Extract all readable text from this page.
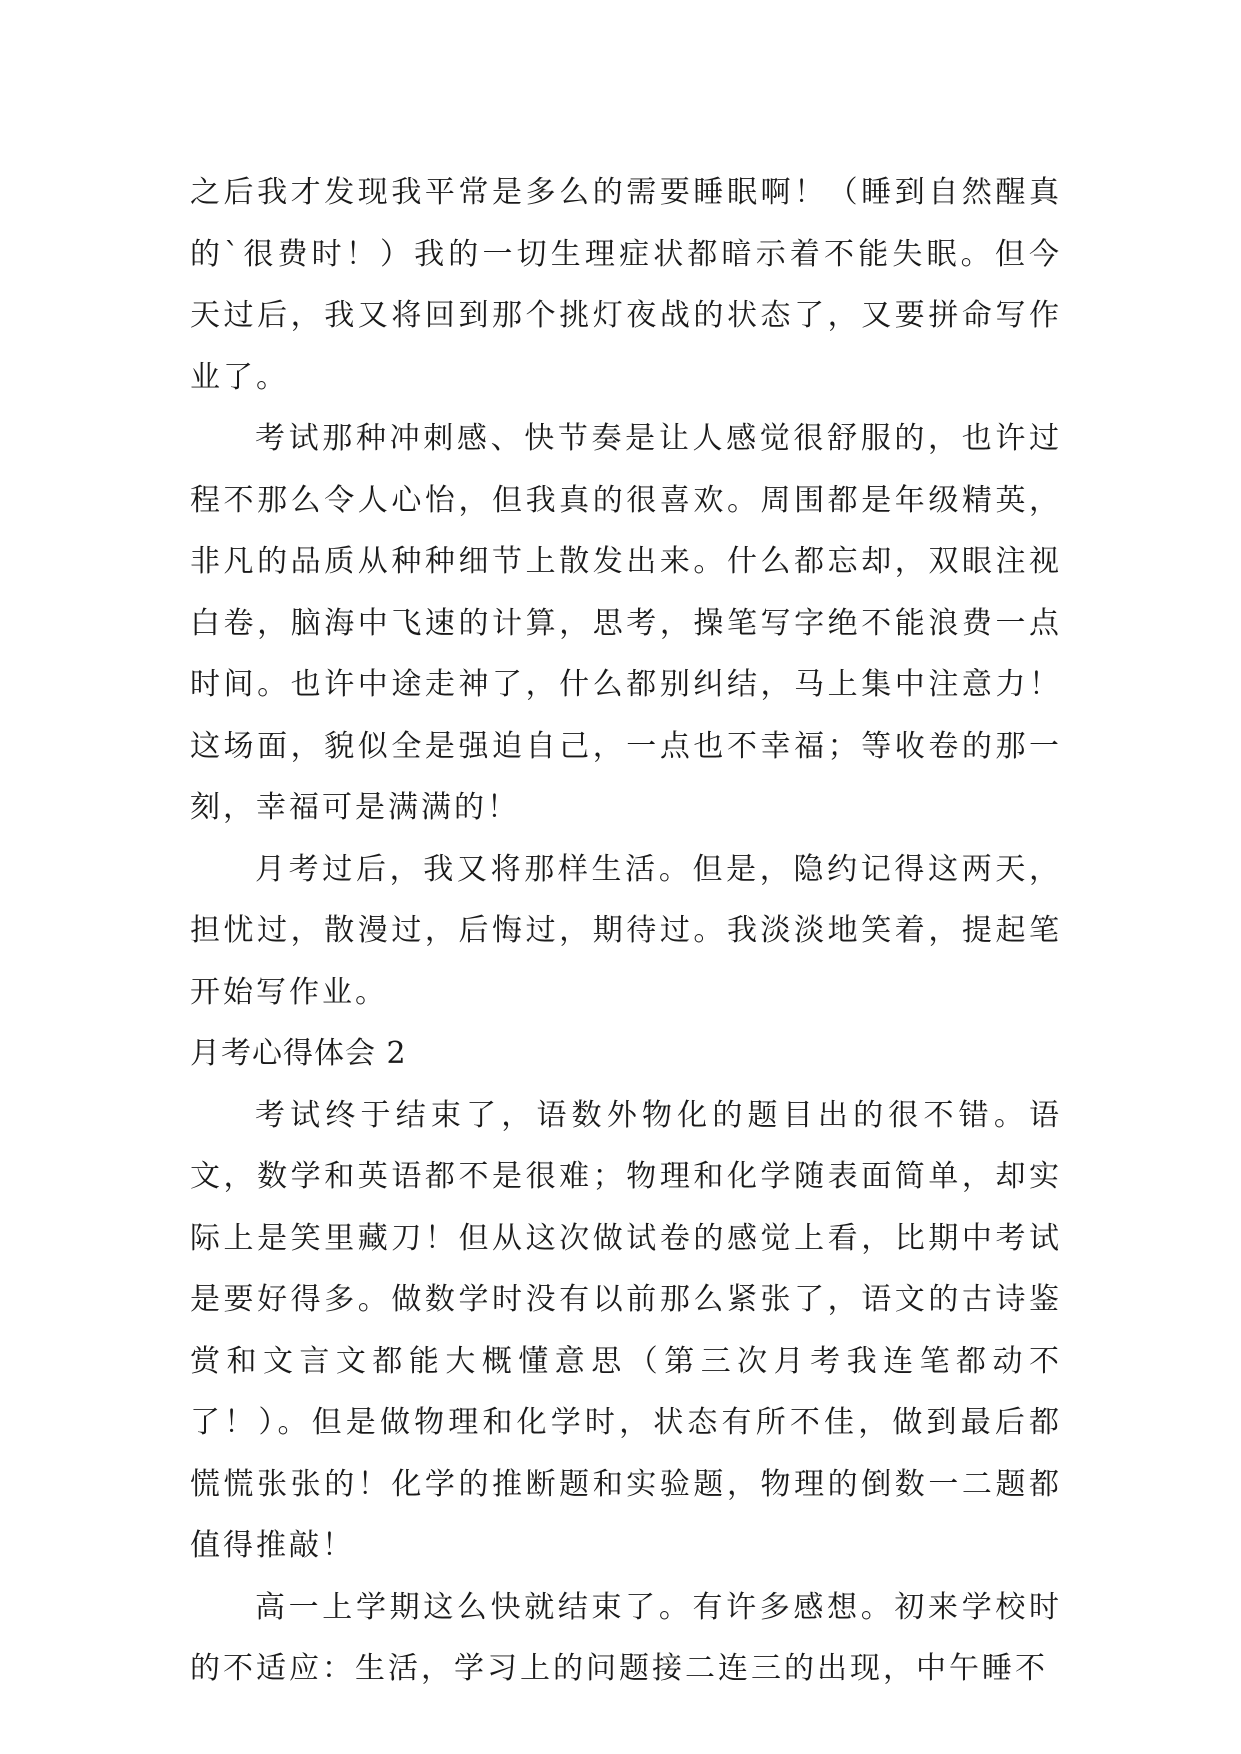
之后我才发现我平常是多么的需要睡眠啊！（睡到自然醒真的`很费时！）我的一切生理症状都暗示着不能失眠。但今天过后，我又将回到那个挑灯夜战的状态了，又要拼命写作业了。

考试那种冲刺感、快节奏是让人感觉很舒服的，也许过程不那么令人心怡，但我真的很喜欢。周围都是年级精英，非凡的品质从种种细节上散发出来。什么都忘却，双眼注视白卷，脑海中飞速的计算，思考，操笔写字绝不能浪费一点时间。也许中途走神了，什么都别纠结，马上集中注意力！这场面，貌似全是强迫自己，一点也不幸福；等收卷的那一刻，幸福可是满满的！

月考过后，我又将那样生活。但是，隐约记得这两天，担忧过，散漫过，后悔过，期待过。我淡淡地笑着，提起笔开始写作业。

月考心得体会 2

考试终于结束了，语数外物化的题目出的很不错。语文，数学和英语都不是很难；物理和化学随表面简单，却实际上是笑里藏刀！但从这次做试卷的感觉上看，比期中考试是要好得多。做数学时没有以前那么紧张了，语文的古诗鉴赏和文言文都能大概懂意思（第三次月考我连笔都动不了！）。但是做物理和化学时，状态有所不佳，做到最后都慌慌张张的！化学的推断题和实验题，物理的倒数一二题都值得推敲！

高一上学期这么快就结束了。有许多感想。初来学校时的不适应：生活，学习上的问题接二连三的出现，中午睡不
